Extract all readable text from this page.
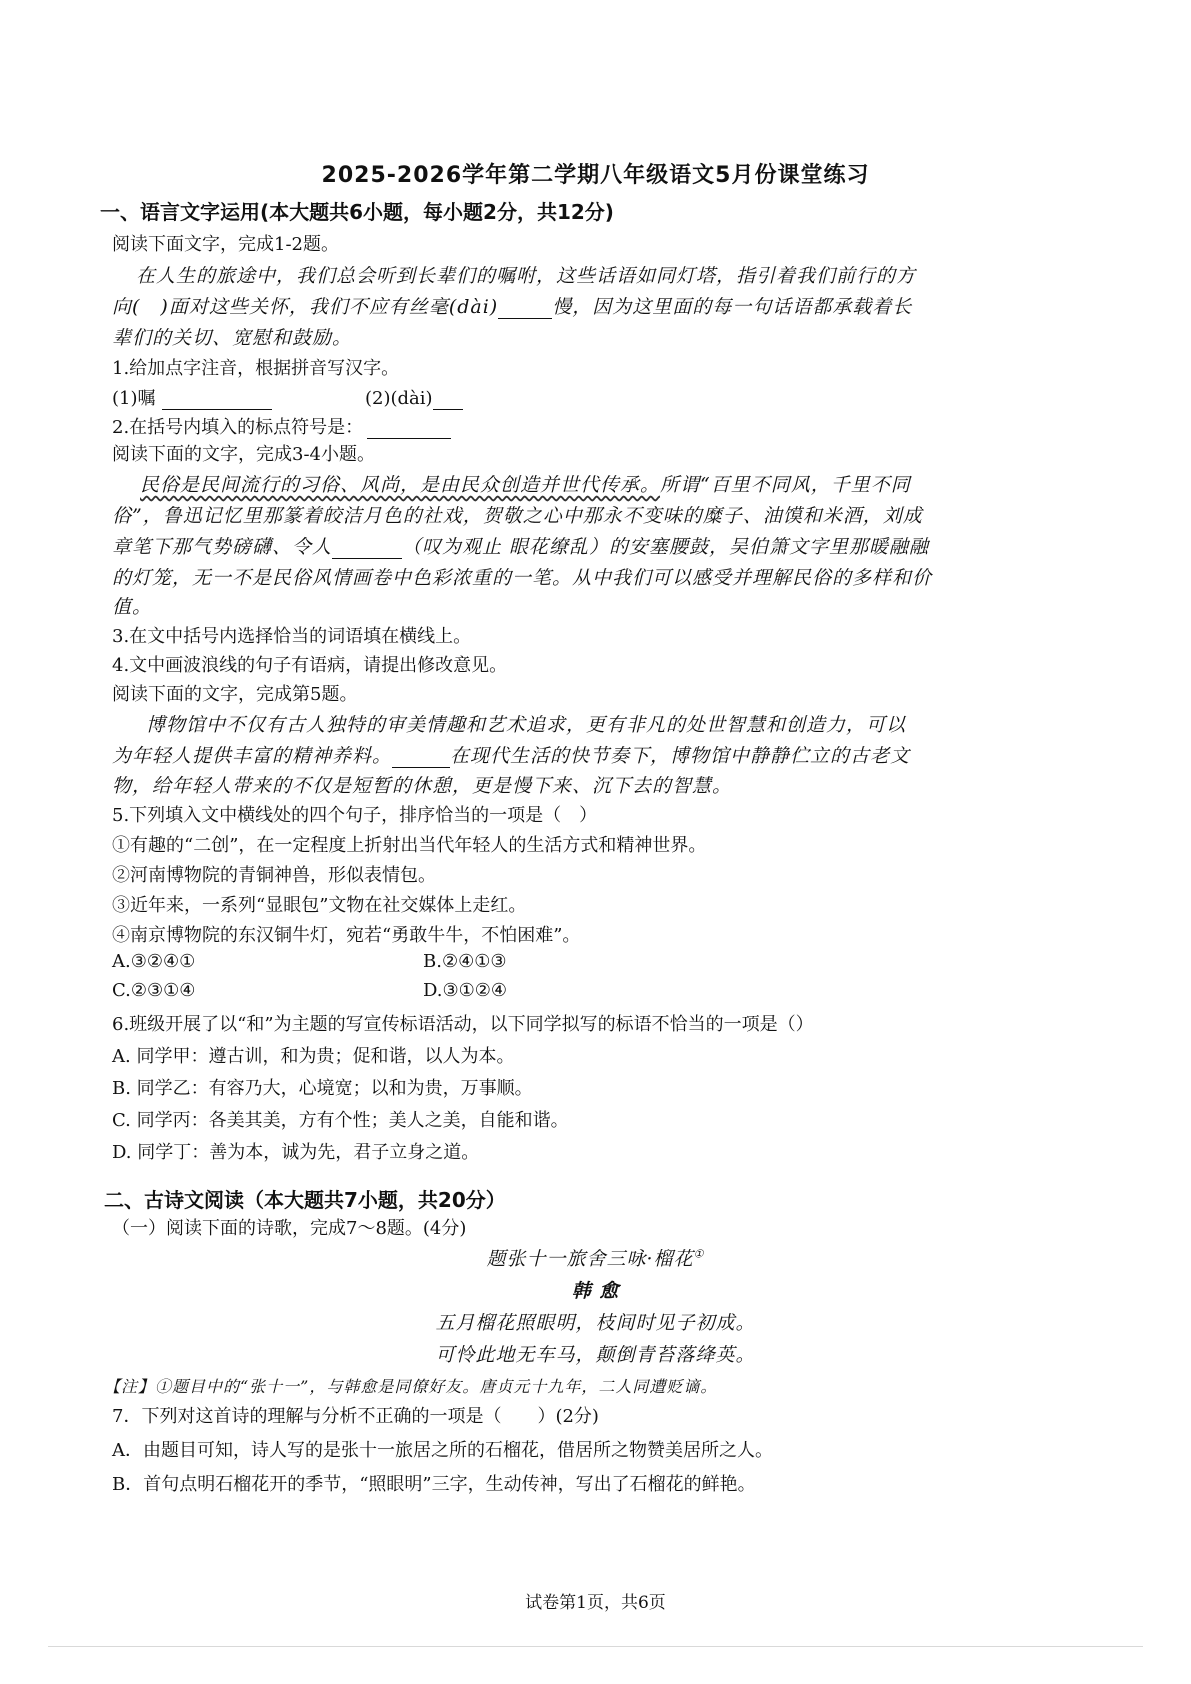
2025-2026学年第二学期八年级语文5月份课堂练习
一、语言文字运用(本大题共6小题，每小题2分，共12分)
阅读下面文字，完成1-2题。
在人生的旅途中，我们总会听到长辈们的嘱咐，这些话语如同灯塔，指引着我们前行的方
向(　)面对这些关怀，我们不应有丝毫(dài)	慢，因为这里面的每一句话语都承载着长
辈们的关切、宽慰和鼓励。
1.给加点字注音，根据拼音写汉字。
(1)嘱	(2)(dài)
2.在括号内填入的标点符号是：
阅读下面的文字，完成3-4小题。
民俗是民间流行的习俗、风尚，是由民众创造并世代传承。所谓“百里不同风，千里不同
俗”，鲁迅记忆里那篆着皎洁月色的社戏，贺敬之心中那永不变味的糜子、油馍和米酒，刘成
章笔下那气势磅礴、令人	（叹为观止 眼花缭乱）的安塞腰鼓，吴伯箫文字里那暖融融
的灯笼，无一不是民俗风情画卷中色彩浓重的一笔。从中我们可以感受并理解民俗的多样和价
值。
3.在文中括号内选择恰当的词语填在横线上。
4.文中画波浪线的句子有语病，请提出修改意见。
阅读下面的文字，完成第5题。
博物馆中不仅有古人独特的审美情趣和艺术追求，更有非凡的处世智慧和创造力，可以
为年轻人提供丰富的精神养料。	在现代生活的快节奏下，博物馆中静静伫立的古老文
物，给年轻人带来的不仅是短暂的休憩，更是慢下来、沉下去的智慧。
5.下列填入文中横线处的四个句子，排序恰当的一项是（　）
①有趣的“二创”，在一定程度上折射出当代年轻人的生活方式和精神世界。
②河南博物院的青铜神兽，形似表情包。
③近年来，一系列“显眼包”文物在社交媒体上走红。
④南京博物院的东汉铜牛灯，宛若“勇敢牛牛，不怕困难”。
A.③②④①	B.②④①③
C.②③①④	D.③①②④
6.班级开展了以“和”为主题的写宣传标语活动，以下同学拟写的标语不恰当的一项是（）
A. 同学甲：遵古训，和为贵；促和谐，以人为本。
B. 同学乙：有容乃大，心境宽；以和为贵，万事顺。
C. 同学丙：各美其美，方有个性；美人之美，自能和谐。
D. 同学丁：善为本，诚为先，君子立身之道。
二、古诗文阅读（本大题共7小题，共20分）
（一）阅读下面的诗歌，完成7～8题。(4分)
题张十一旅舍三咏·榴花①
韩 愈
五月榴花照眼明，枝间时见子初成。
可怜此地无车马，颠倒青苔落绛英。
【注】①题目中的“张十一”，与韩愈是同僚好友。唐贞元十九年，二人同遭贬谪。
7．下列对这首诗的理解与分析不正确的一项是（　　）(2分)
A．由题目可知，诗人写的是张十一旅居之所的石榴花，借居所之物赞美居所之人。
B．首句点明石榴花开的季节，“照眼明”三字，生动传神，写出了石榴花的鲜艳。
试卷第1页，共6页
